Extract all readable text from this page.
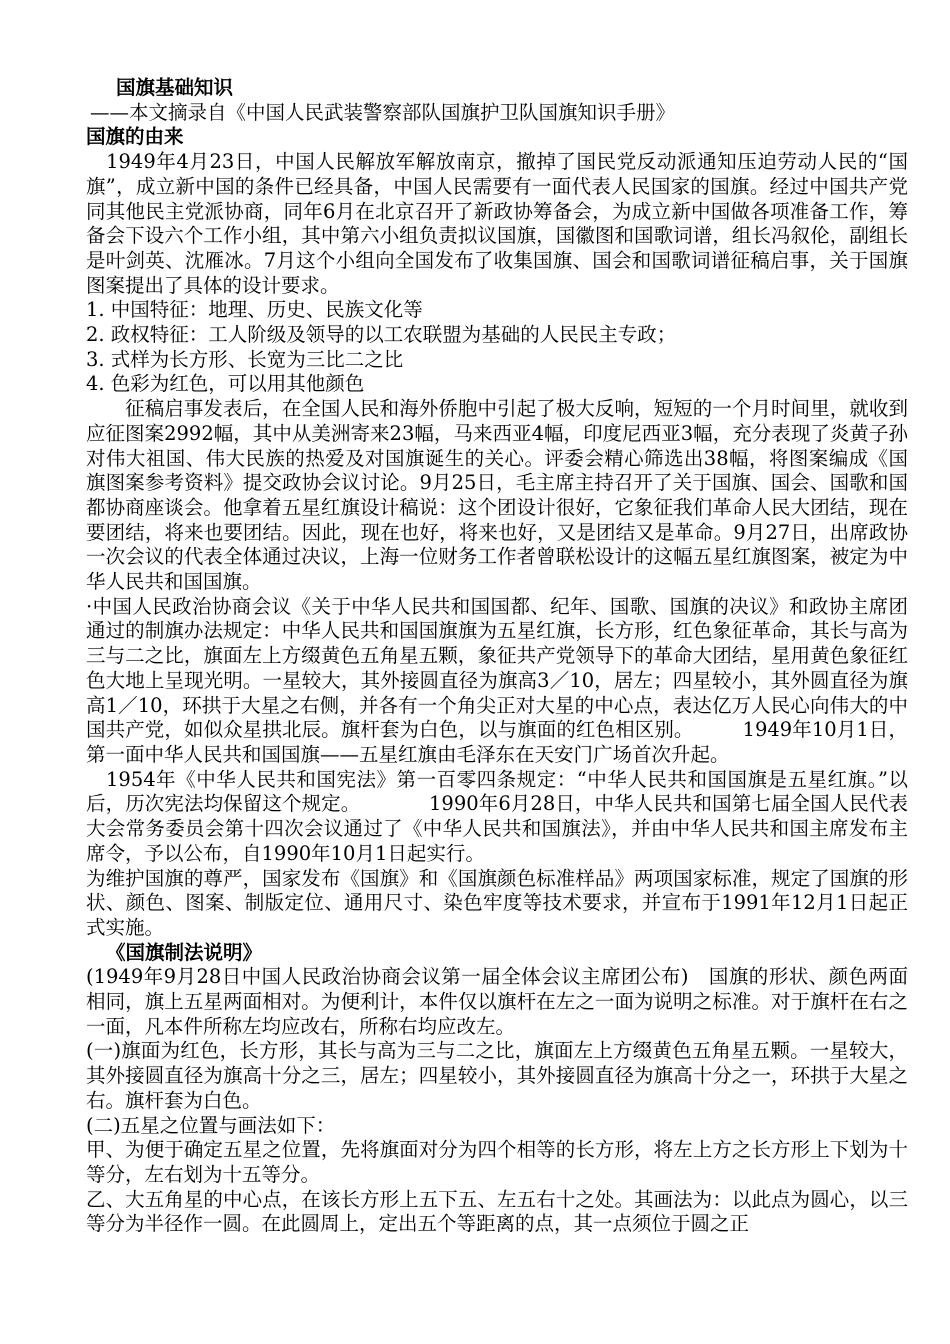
国旗基础知识

——本文摘录自《中国人民武装警察部队国旗护卫队国旗知识手册》

国旗的由来

　1949年4月23日，中国人民解放军解放南京，撤掉了国民党反动派通知压迫劳动人民的“国旗”，成立新中国的条件已经具备，中国人民需要有一面代表人民国家的国旗。经过中国共产党同其他民主党派协商，同年6月在北京召开了新政协筹备会，为成立新中国做各项准备工作，筹备会下设六个工作小组，其中第六小组负责拟议国旗，国徽图和国歌词谱，组长冯叙伦，副组长是叶剑英、沈雁冰。7月这个小组向全国发布了收集国旗、国会和国歌词谱征稿启事，关于国旗图案提出了具体的设计要求。

1. 中国特征：地理、历史、民族文化等

2. 政权特征：工人阶级及领导的以工农联盟为基础的人民民主专政；

3. 式样为长方形、长宽为三比二之比

4. 色彩为红色，可以用其他颜色

　　征稿启事发表后，在全国人民和海外侨胞中引起了极大反响，短短的一个月时间里，就收到应征图案2992幅，其中从美洲寄来23幅，马来西亚4幅，印度尼西亚3幅，充分表现了炎黄子孙对伟大祖国、伟大民族的热爱及对国旗诞生的关心。评委会精心筛选出38幅，将图案编成《国旗图案参考资料》提交政协会议讨论。9月25日，毛主席主持召开了关于国旗、国会、国歌和国都协商座谈会。他拿着五星红旗设计稿说：这个团设计很好，它象征我们革命人民大团结，现在要团结，将来也要团结。因此，现在也好，将来也好，又是团结又是革命。9月27日，出席政协一次会议的代表全体通过决议，上海一位财务工作者曾联松设计的这幅五星红旗图案，被定为中华人民共和国国旗。

·中国人民政治协商会议《关于中华人民共和国国都、纪年、国歌、国旗的决议》和政协主席团通过的制旗办法规定：中华人民共和国国旗旗为五星红旗，长方形，红色象征革命，其长与高为三与二之比，旗面左上方缀黄色五角星五颗，象征共产党领导下的革命大团结，星用黄色象征红色大地上呈现光明。一星较大，其外接圆直径为旗高3／10，居左；四星较小，其外圆直径为旗高1／10，环拱于大星之右侧，并各有一个角尖正对大星的中心点，表达亿万人民心向伟大的中国共产党，如似众星拱北辰。旗杆套为白色，以与旗面的红色相区别。　　　1949年10月1日，第一面中华人民共和国国旗——五星红旗由毛泽东在天安门广场首次升起。

　1954年《中华人民共和国宪法》第一百零四条规定：“中华人民共和国国旗是五星红旗。”以后，历次宪法均保留这个规定。　　　　1990年6月28日，中华人民共和国第七届全国人民代表大会常务委员会第十四次会议通过了《中华人民共和国旗法》，并由中华人民共和国主席发布主席令，予以公布，自1990年10月1日起实行。

为维护国旗的尊严，国家发布《国旗》和《国旗颜色标准样品》两项国家标准，规定了国旗的形状、颜色、图案、制版定位、通用尺寸、染色牢度等技术要求，并宣布于1991年12月1日起正式实施。

《国旗制法说明》

(1949年9月28日中国人民政治协商会议第一届全体会议主席团公布)　国旗的形状、颜色两面相同，旗上五星两面相对。为便利计，本件仅以旗杆在左之一面为说明之标准。对于旗杆在右之一面，凡本件所称左均应改右，所称右均应改左。

(一)旗面为红色，长方形，其长与高为三与二之比，旗面左上方缀黄色五角星五颗。一星较大，其外接圆直径为旗高十分之三，居左；四星较小，其外接圆直径为旗高十分之一，环拱于大星之右。旗杆套为白色。

(二)五星之位置与画法如下：

甲、为便于确定五星之位置，先将旗面对分为四个相等的长方形，将左上方之长方形上下划为十等分，左右划为十五等分。

乙、大五角星的中心点，在该长方形上五下五、左五右十之处。其画法为：以此点为圆心，以三等分为半径作一圆。在此圆周上，定出五个等距离的点，其一点须位于圆之正
